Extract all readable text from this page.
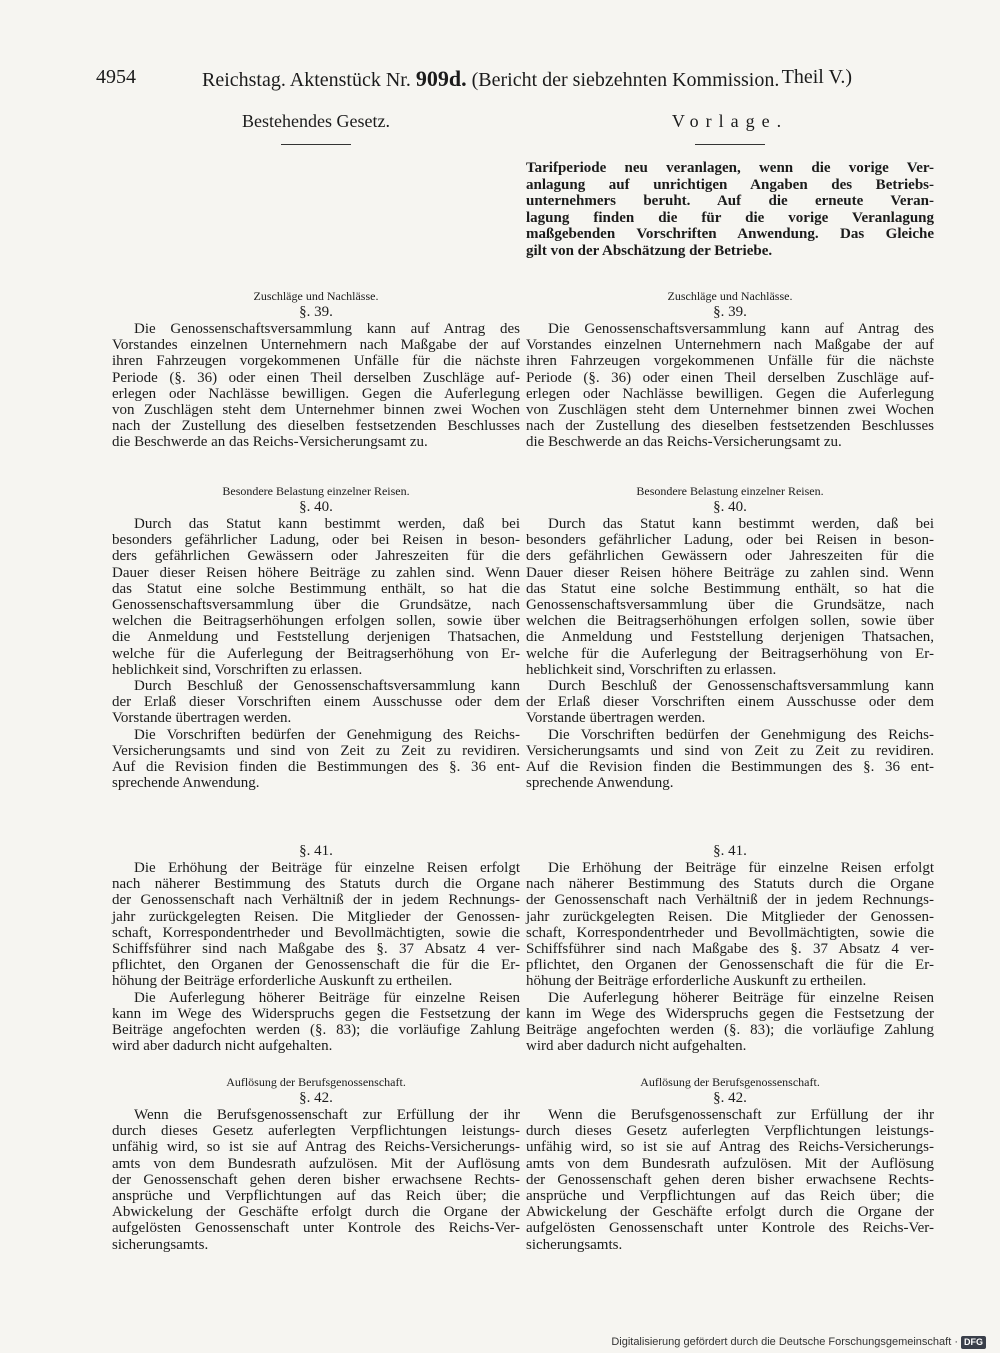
4954	Reichstag. Aktenstück Nr. 909d. (Bericht der siebzehnten Kommission. Theil V.)
Bestehendes Gesetz.
Zuschläge und Nachlässe.
§. 39.
Die Genossenschaftsversammlung kann auf Antrag des
Vorstandes einzelnen Unternehmern nach Maßgabe der auf
ihren Fahrzeugen vorgekommenen Unfälle für die nächste
Periode (§. 36) oder einen Theil derselben Zuschläge auf-
erlegen oder Nachlässe bewilligen. Gegen die Auferlegung
von Zuschlägen steht dem Unternehmer binnen zwei Wochen
nach der Zustellung des dieselben festsetzenden Beschlusses
die Beschwerde an das Reichs-Versicherungsamt zu.
Besondere Belastung einzelner Reisen.
§. 40.
Durch das Statut kann bestimmt werden, daß bei
besonders gefährlicher Ladung, oder bei Reisen in beson-
ders gefährlichen Gewässern oder Jahreszeiten für die
Dauer dieser Reisen höhere Beiträge zu zahlen sind. Wenn
das Statut eine solche Bestimmung enthält, so hat die
Genossenschaftsversammlung über die Grundsätze, nach
welchen die Beitragserhöhungen erfolgen sollen, sowie über
die Anmeldung und Feststellung derjenigen Thatsachen,
welche für die Auferlegung der Beitragserhöhung von Er-
heblichkeit sind, Vorschriften zu erlassen.
Durch Beschluß der Genossenschaftsversammlung kann
der Erlaß dieser Vorschriften einem Ausschusse oder dem
Vorstande übertragen werden.
Die Vorschriften bedürfen der Genehmigung des Reichs-
Versicherungsamts und sind von Zeit zu Zeit zu revidiren.
Auf die Revision finden die Bestimmungen des §. 36 ent-
sprechende Anwendung.
§. 41.
Die Erhöhung der Beiträge für einzelne Reisen erfolgt
nach näherer Bestimmung des Statuts durch die Organe
der Genossenschaft nach Verhältniß der in jedem Rechnungs-
jahr zurückgelegten Reisen. Die Mitglieder der Genossen-
schaft, Korrespondentrheder und Bevollmächtigten, sowie die
Schiffsführer sind nach Maßgabe des §. 37 Absatz 4 ver-
pflichtet, den Organen der Genossenschaft die für die Er-
höhung der Beiträge erforderliche Auskunft zu ertheilen.
Die Auferlegung höherer Beiträge für einzelne Reisen
kann im Wege des Widerspruchs gegen die Festsetzung der
Beiträge angefochten werden (§. 83); die vorläufige Zahlung
wird aber dadurch nicht aufgehalten.
Auflösung der Berufsgenossenschaft.
§. 42.
Wenn die Berufsgenossenschaft zur Erfüllung der ihr
durch dieses Gesetz auferlegten Verpflichtungen leistungs-
unfähig wird, so ist sie auf Antrag des Reichs-Versicherungs-
amts von dem Bundesrath aufzulösen. Mit der Auflösung
der Genossenschaft gehen deren bisher erwachsene Rechts-
ansprüche und Verpflichtungen auf das Reich über; die
Abwickelung der Geschäfte erfolgt durch die Organe der
aufgelösten Genossenschaft unter Kontrole des Reichs-Ver-
sicherungsamts.
Vorlage.
Tarifperiode neu veranlagen, wenn die vorige Ver-
anlagung auf unrichtigen Angaben des Betriebs-
unternehmers beruht. Auf die erneute Veran-
lagung finden die für die vorige Veranlagung
maßgebenden Vorschriften Anwendung. Das Gleiche
gilt von der Abschätzung der Betriebe.
Zuschläge und Nachlässe.
§. 39.
Die Genossenschaftsversammlung kann auf Antrag des
Vorstandes einzelnen Unternehmern nach Maßgabe der auf
ihren Fahrzeugen vorgekommenen Unfälle für die nächste
Periode (§. 36) oder einen Theil derselben Zuschläge auf-
erlegen oder Nachlässe bewilligen. Gegen die Auferlegung
von Zuschlägen steht dem Unternehmer binnen zwei Wochen
nach der Zustellung des dieselben festsetzenden Beschlusses
die Beschwerde an das Reichs-Versicherungsamt zu.
Besondere Belastung einzelner Reisen.
§. 40.
Durch das Statut kann bestimmt werden, daß bei
besonders gefährlicher Ladung, oder bei Reisen in beson-
ders gefährlichen Gewässern oder Jahreszeiten für die
Dauer dieser Reisen höhere Beiträge zu zahlen sind. Wenn
das Statut eine solche Bestimmung enthält, so hat die
Genossenschaftsversammlung über die Grundsätze, nach
welchen die Beitragserhöhungen erfolgen sollen, sowie über
die Anmeldung und Feststellung derjenigen Thatsachen,
welche für die Auferlegung der Beitragserhöhung von Er-
heblichkeit sind, Vorschriften zu erlassen.
Durch Beschluß der Genossenschaftsversammlung kann
der Erlaß dieser Vorschriften einem Ausschusse oder dem
Vorstande übertragen werden.
Die Vorschriften bedürfen der Genehmigung des Reichs-
Versicherungsamts und sind von Zeit zu Zeit zu revidiren.
Auf die Revision finden die Bestimmungen des §. 36 ent-
sprechende Anwendung.
§. 41.
Die Erhöhung der Beiträge für einzelne Reisen erfolgt
nach näherer Bestimmung des Statuts durch die Organe
der Genossenschaft nach Verhältniß der in jedem Rechnungs-
jahr zurückgelegten Reisen. Die Mitglieder der Genossen-
schaft, Korrespondentrheder und Bevollmächtigten, sowie die
Schiffsführer sind nach Maßgabe des §. 37 Absatz 4 ver-
pflichtet, den Organen der Genossenschaft die für die Er-
höhung der Beiträge erforderliche Auskunft zu ertheilen.
Die Auferlegung höherer Beiträge für einzelne Reisen
kann im Wege des Widerspruchs gegen die Festsetzung der
Beiträge angefochten werden (§. 83); die vorläufige Zahlung
wird aber dadurch nicht aufgehalten.
Auflösung der Berufsgenossenschaft.
§. 42.
Wenn die Berufsgenossenschaft zur Erfüllung der ihr
durch dieses Gesetz auferlegten Verpflichtungen leistungs-
unfähig wird, so ist sie auf Antrag des Reichs-Versicherungs-
amts von dem Bundesrath aufzulösen. Mit der Auflösung
der Genossenschaft gehen deren bisher erwachsene Rechts-
ansprüche und Verpflichtungen auf das Reich über; die
Abwickelung der Geschäfte erfolgt durch die Organe der
aufgelösten Genossenschaft unter Kontrole des Reichs-Ver-
sicherungsamts.
Digitalisierung gefördert durch die Deutsche Forschungsgemeinschaft · DFG
